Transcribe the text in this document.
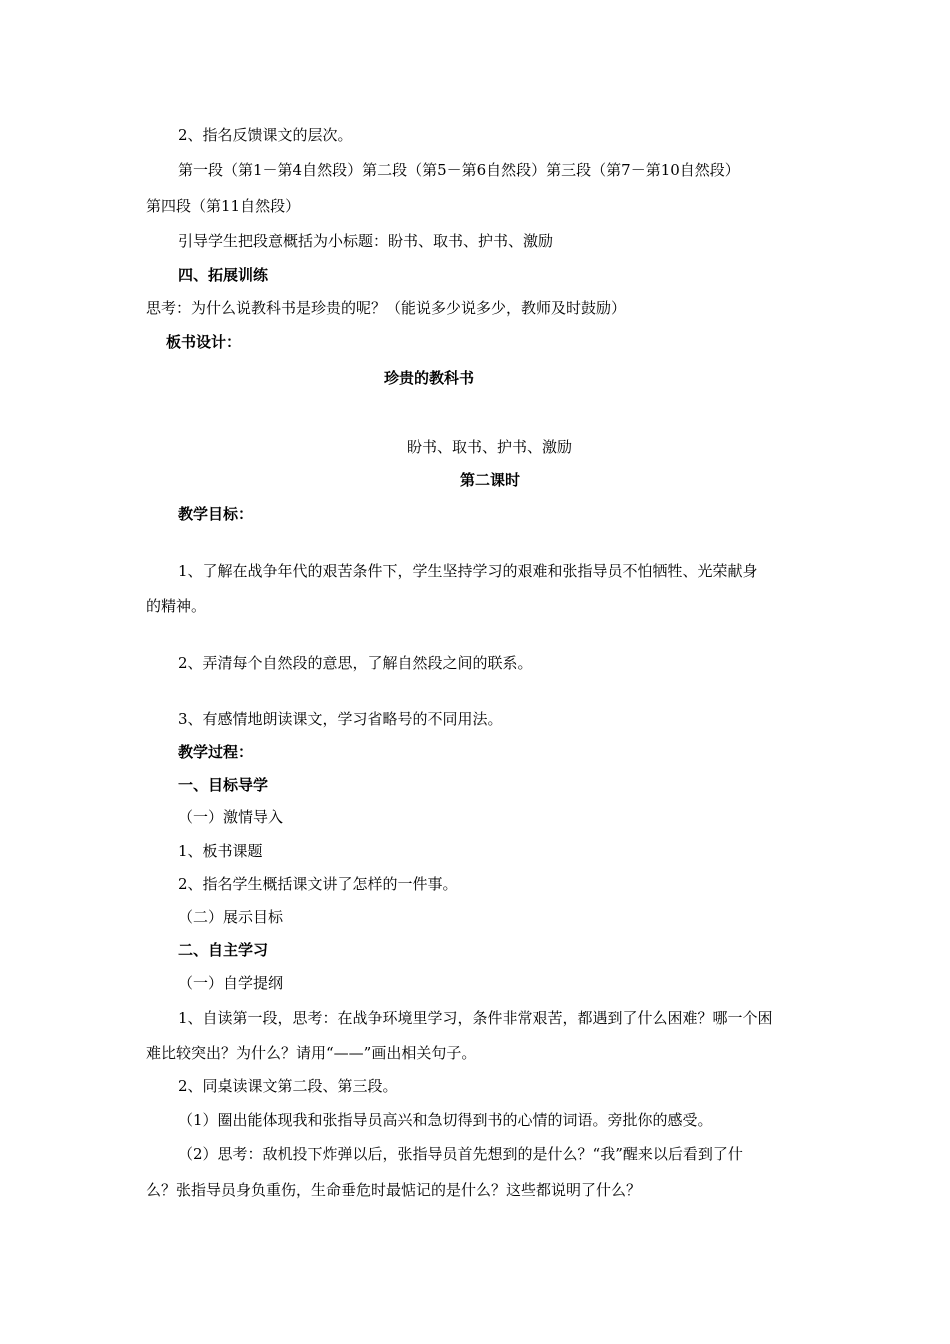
2、指名反馈课文的层次。
第一段（第1－第4自然段）第二段（第5－第6自然段）第三段（第7－第10自然段）
第四段（第11自然段）
引导学生把段意概括为小标题：盼书、取书、护书、激励
四、拓展训练
思考：为什么说教科书是珍贵的呢？（能说多少说多少，教师及时鼓励）
板书设计：
珍贵的教科书
盼书、取书、护书、激励
第二课时
教学目标：
1、了解在战争年代的艰苦条件下，学生坚持学习的艰难和张指导员不怕牺牲、光荣献身
的精神。
2、弄清每个自然段的意思，了解自然段之间的联系。
3、有感情地朗读课文，学习省略号的不同用法。
教学过程：
一、目标导学
（一）激情导入
1、板书课题
2、指名学生概括课文讲了怎样的一件事。
（二）展示目标
二、自主学习
（一）自学提纲
1、自读第一段，思考：在战争环境里学习，条件非常艰苦，都遇到了什么困难？哪一个困
难比较突出？为什么？请用“——”画出相关句子。
2、同桌读课文第二段、第三段。
（1）圈出能体现我和张指导员高兴和急切得到书的心情的词语。旁批你的感受。
（2）思考：敌机投下炸弹以后，张指导员首先想到的是什么？“我”醒来以后看到了什
么？张指导员身负重伤，生命垂危时最惦记的是什么？这些都说明了什么？
